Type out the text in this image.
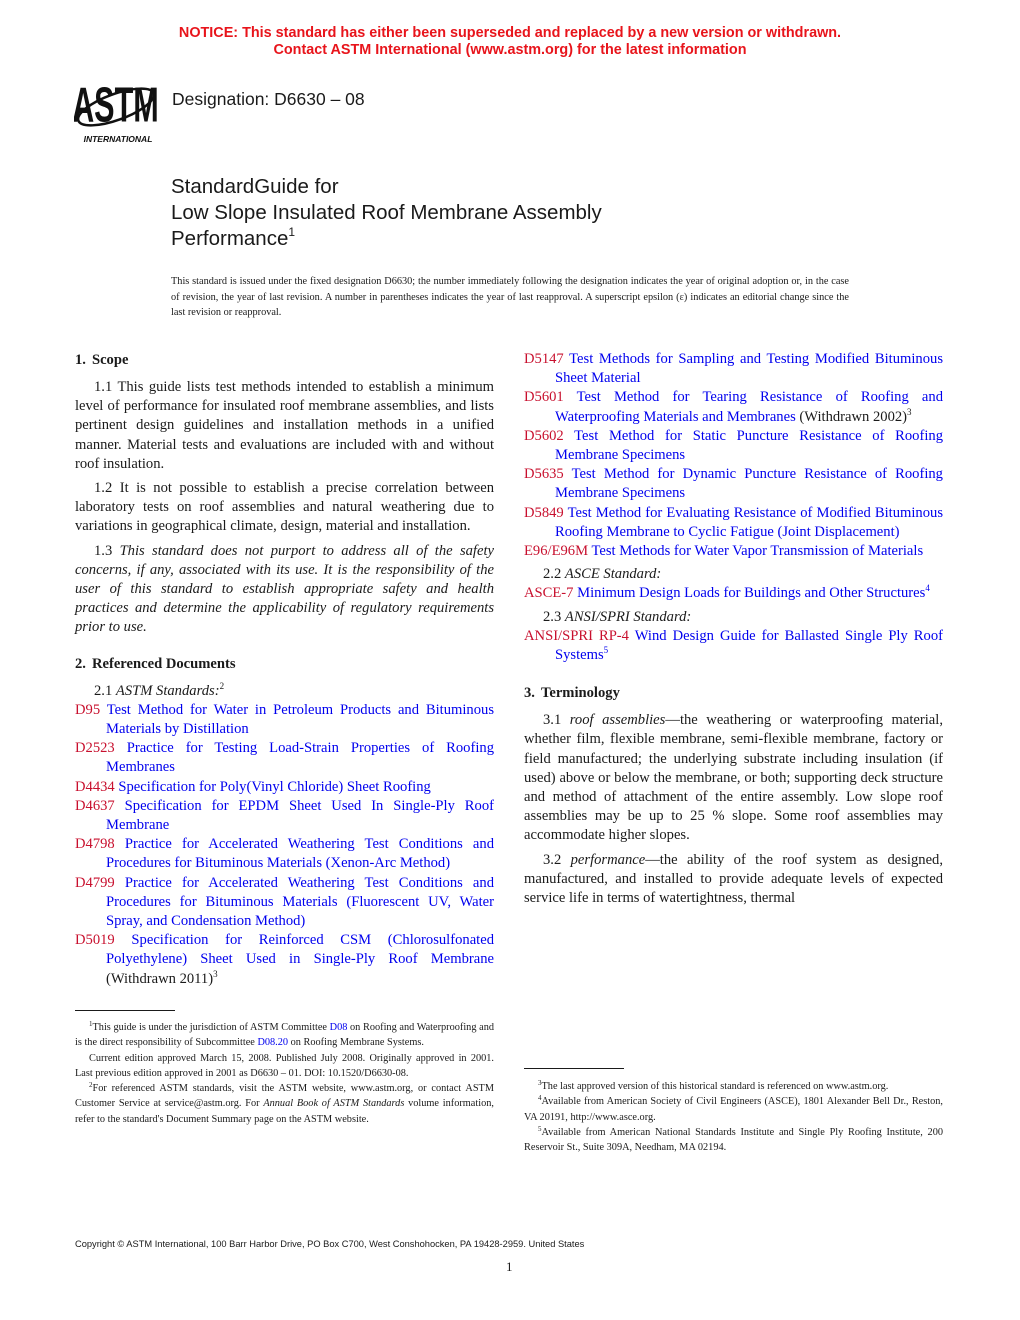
NOTICE: This standard has either been superseded and replaced by a new version or withdrawn.
Contact ASTM International (www.astm.org) for the latest information
ASTM
INTERNATIONAL
Designation: D6630 – 08
StandardGuide for
Low Slope Insulated Roof Membrane Assembly
Performance$^1$
This standard is issued under the fixed designation D6630; the number immediately following the designation indicates the year of original adoption or, in the case of revision, the year of last revision. A number in parentheses indicates the year of last reapproval. A superscript epsilon (ε) indicates an editorial change since the last revision or reapproval.
1. Scope

1.1 This guide lists test methods intended to establish a minimum level of performance for insulated roof membrane assemblies, and lists pertinent design guidelines and installation methods in a unified manner. Material tests and evaluations are included with and without roof insulation.

1.2 It is not possible to establish a precise correlation between laboratory tests on roof assemblies and natural weathering due to variations in geographical climate, design, material and installation.

1.3 This standard does not purport to address all of the safety concerns, if any, associated with its use. It is the responsibility of the user of this standard to establish appropriate safety and health practices and determine the applicability of regulatory requirements prior to use.

2. Referenced Documents

2.1 ASTM Standards:$^2$

D95 Test Method for Water in Petroleum Products and Bituminous Materials by Distillation

D2523 Practice for Testing Load-Strain Properties of Roofing Membranes

D4434 Specification for Poly(Vinyl Chloride) Sheet Roofing

D4637 Specification for EPDM Sheet Used In Single-Ply Roof Membrane

D4798 Practice for Accelerated Weathering Test Conditions and Procedures for Bituminous Materials (Xenon-Arc Method)

D4799 Practice for Accelerated Weathering Test Conditions and Procedures for Bituminous Materials (Fluorescent UV, Water Spray, and Condensation Method)

D5019 Specification for Reinforced CSM (Chlorosulfonated Polyethylene) Sheet Used in Single-Ply Roof Membrane (Withdrawn 2011)$^3$

$^1$This guide is under the jurisdiction of ASTM Committee D08 on Roofing and Waterproofing and is the direct responsibility of Subcommittee D08.20 on Roofing Membrane Systems.

Current edition approved March 15, 2008. Published July 2008. Originally approved in 2001. Last previous edition approved in 2001 as D6630 – 01. DOI: 10.1520/D6630-08.

$^2$For referenced ASTM standards, visit the ASTM website, www.astm.org, or contact ASTM Customer Service at service@astm.org. For Annual Book of ASTM Standards volume information, refer to the standard's Document Summary page on the ASTM website.

D5147 Test Methods for Sampling and Testing Modified Bituminous Sheet Material

D5601 Test Method for Tearing Resistance of Roofing and Waterproofing Materials and Membranes (Withdrawn 2002)$^3$

D5602 Test Method for Static Puncture Resistance of Roofing Membrane Specimens

D5635 Test Method for Dynamic Puncture Resistance of Roofing Membrane Specimens

D5849 Test Method for Evaluating Resistance of Modified Bituminous Roofing Membrane to Cyclic Fatigue (Joint Displacement)

E96/E96M Test Methods for Water Vapor Transmission of Materials

2.2 ASCE Standard:

ASCE-7 Minimum Design Loads for Buildings and Other Structures$^4$

2.3 ANSI/SPRI Standard:

ANSI/SPRI RP-4 Wind Design Guide for Ballasted Single Ply Roof Systems$^5$

3. Terminology

3.1 roof assemblies—the weathering or waterproofing material, whether film, flexible membrane, semi-flexible membrane, factory or field manufactured; the underlying substrate including insulation (if used) above or below the membrane, or both; supporting deck structure and method of attachment of the entire assembly. Low slope roof assemblies may be up to 25 % slope. Some roof assemblies may accommodate higher slopes.

3.2 performance—the ability of the roof system as designed, manufactured, and installed to provide adequate levels of expected service life in terms of watertightness, thermal

$^3$The last approved version of this historical standard is referenced on www.astm.org.

$^4$Available from American Society of Civil Engineers (ASCE), 1801 Alexander Bell Dr., Reston, VA 20191, http://www.asce.org.

$^5$Available from American National Standards Institute and Single Ply Roofing Institute, 200 Reservoir St., Suite 309A, Needham, MA 02194.

Copyright © ASTM International, 100 Barr Harbor Drive, PO Box C700, West Conshohocken, PA 19428-2959. United States
1
